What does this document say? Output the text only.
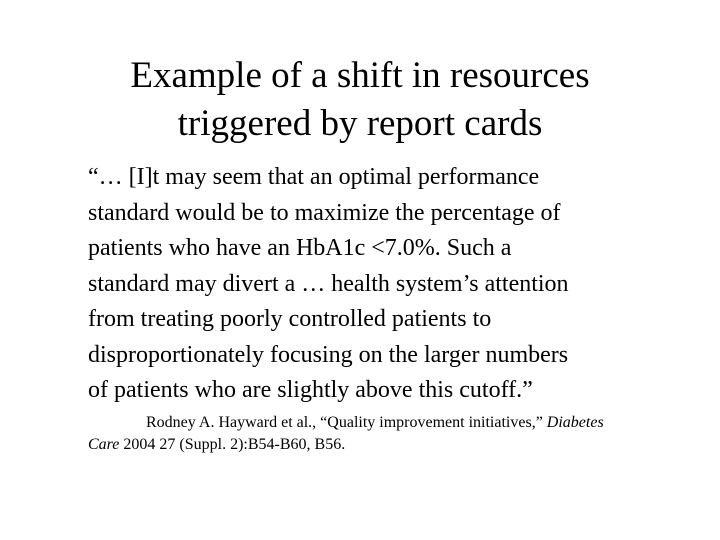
Example of a shift in resources
triggered by report cards
“… [I]t may seem that an optimal performance
standard would be to maximize the percentage of
patients who have an HbA1c <7.0%. Such a
standard may divert a … health system’s attention
from treating poorly controlled patients to
disproportionately focusing on the larger numbers
of patients who are slightly above this cutoff.”
Rodney A. Hayward et al., “Quality improvement initiatives,” Diabetes
Care 2004 27 (Suppl. 2):B54-B60, B56.
